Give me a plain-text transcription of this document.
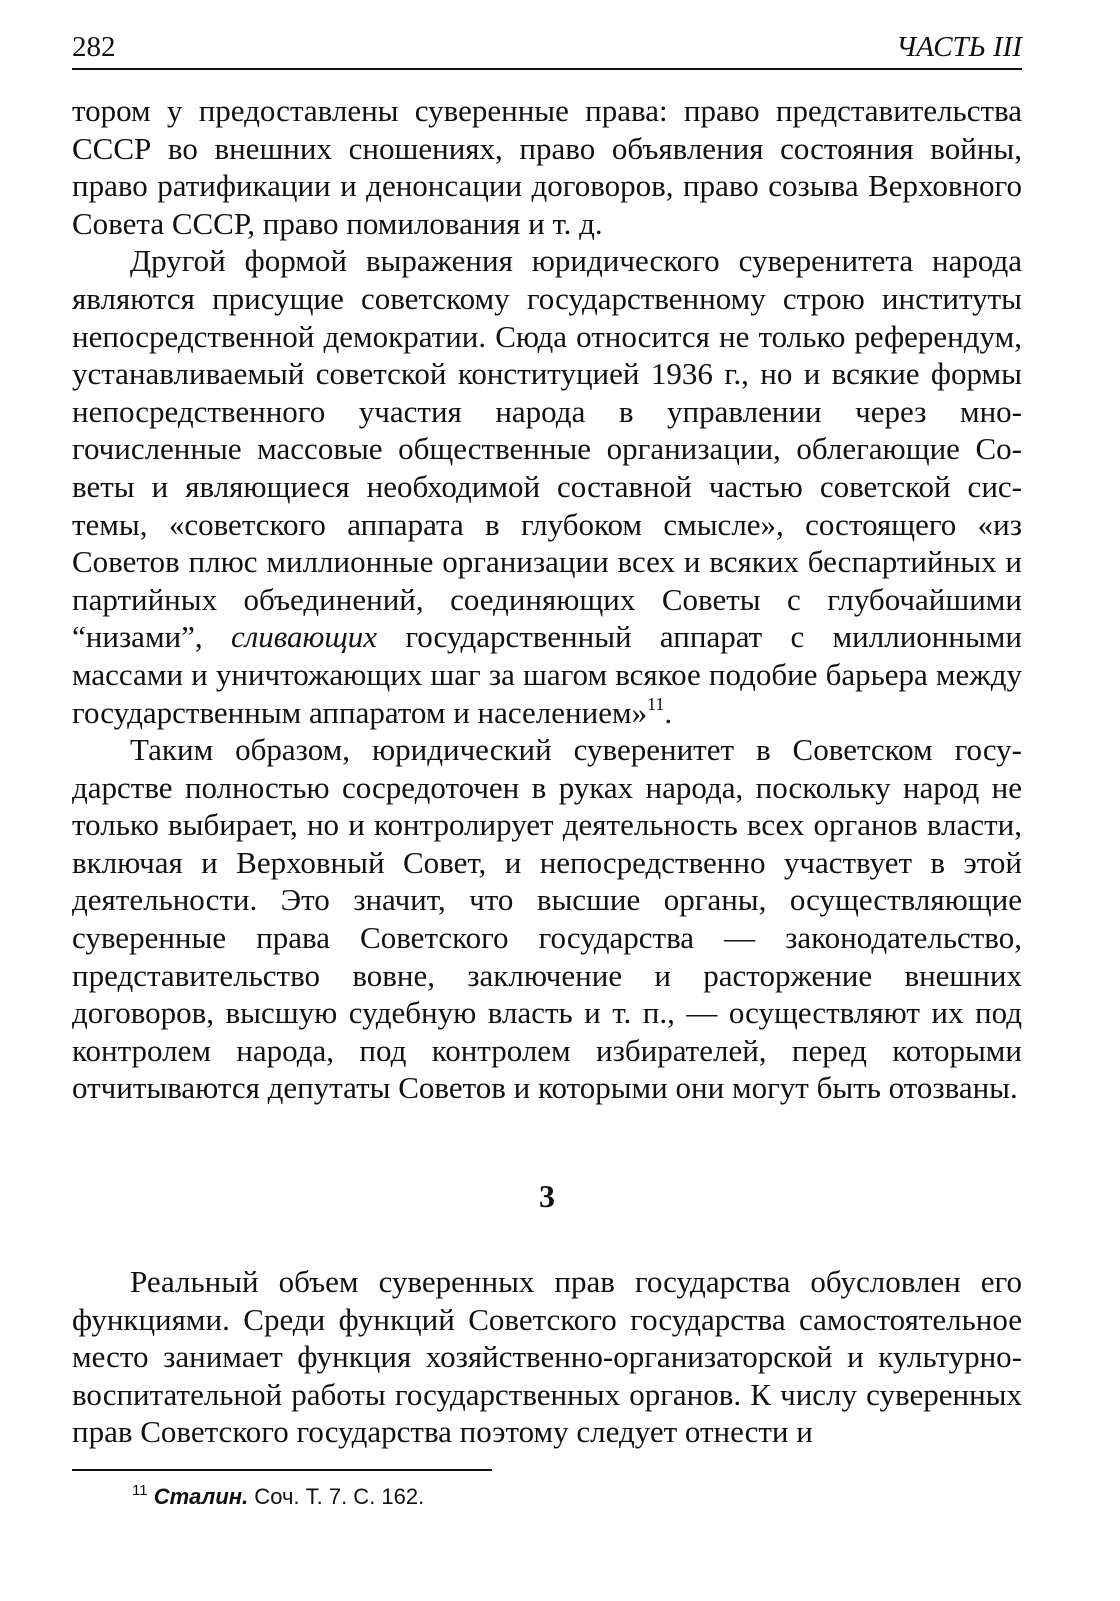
282	ЧАСТЬ III

тором у предоставлены суверенные права: право представительства СССР во внешних сношениях, право объявления состояния войны, право ратификации и денонсации договоров, право созыва Верховного Совета СССР, право помилования и т. д.

Другой формой выражения юридического суверенитета народа являются присущие советскому государственному строю институты непосредственной демократии. Сюда относится не только референдум, устанавливаемый советской конституцией 1936 г., но и всякие формы непосредственного участия народа в управлении через многочисленные массовые общественные организации, облегающие Советы и являющиеся необходимой составной частью советской системы, «советского аппарата в глубоком смысле», состоящего «из Советов плюс миллионные организации всех и всяких беспартийных и партийных объединений, соединяющих Советы с глубочайшими “низами”, сливающих государственный аппарат с миллионными массами и уничтожающих шаг за шагом всякое подобие барьера между государственным аппаратом и населением»$^{11}$.

Таким образом, юридический суверенитет в Советском государстве полностью сосредоточен в руках народа, поскольку народ не только выбирает, но и контролирует деятельность всех органов власти, включая и Верховный Совет, и непосредственно участвует в этой деятельности. Это значит, что высшие органы, осуществляющие суверенные права Советского государства — законодательство, представительство вовне, заключение и расторжение внешних договоров, высшую судебную власть и т. п., — осуществляют их под контролем народа, под контролем избирателей, перед которыми отчитываются депутаты Советов и которыми они могут быть отозваны.

3

Реальный объем суверенных прав государства обусловлен его функциями. Среди функций Советского государства самостоятельное место занимает функция хозяйственно-организаторской и культурно-воспитательной работы государственных органов. К числу суверенных прав Советского государства поэтому следует отнести и

$^{11}$ Сталин. Соч. Т. 7. С. 162.
